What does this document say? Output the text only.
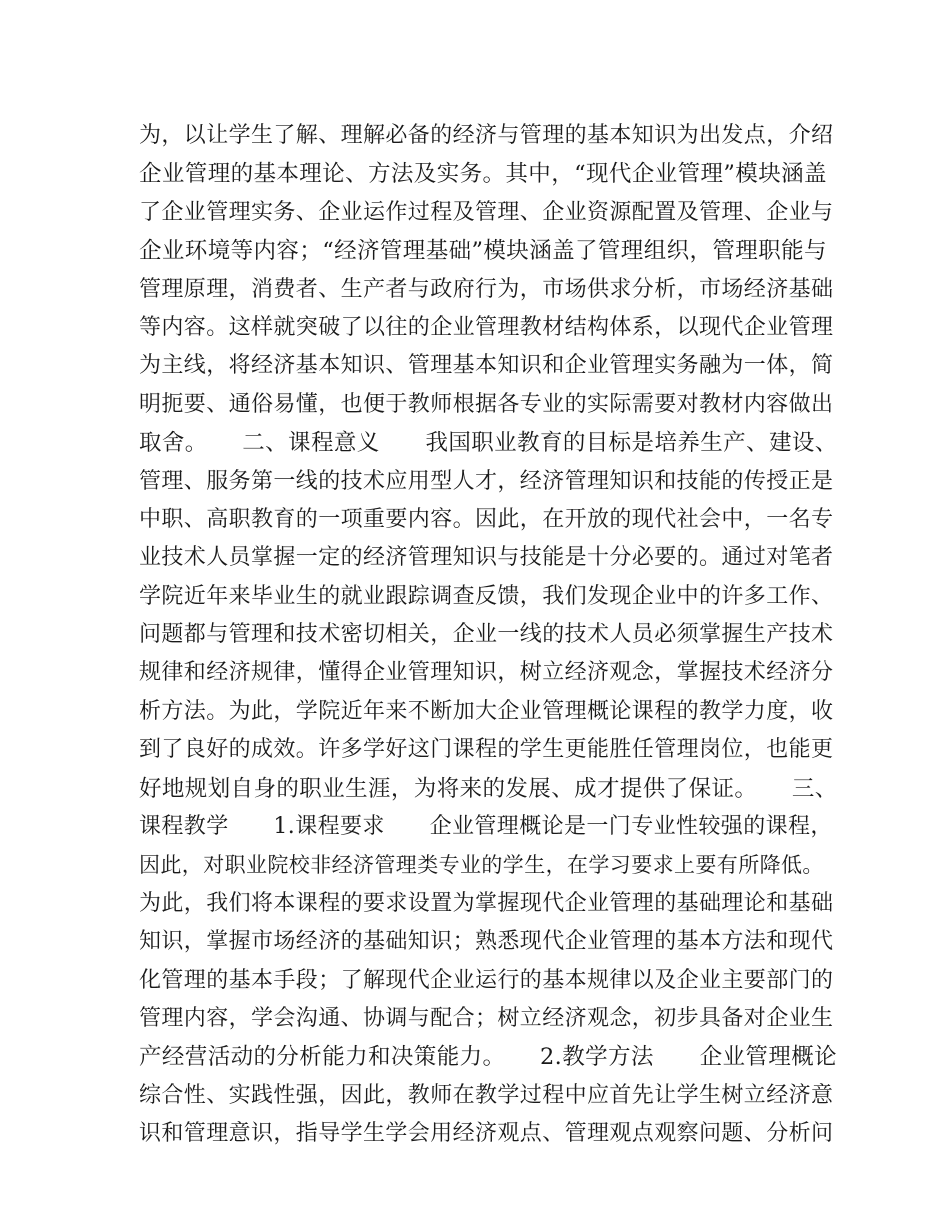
为，以让学生了解、理解必备的经济与管理的基本知识为出发点，介绍
企业管理的基本理论、方法及实务。其中，“现代企业管理”模块涵盖
了企业管理实务、企业运作过程及管理、企业资源配置及管理、企业与
企业环境等内容；“经济管理基础”模块涵盖了管理组织，管理职能与
管理原理，消费者、生产者与政府行为，市场供求分析，市场经济基础
等内容。这样就突破了以往的企业管理教材结构体系，以现代企业管理
为主线，将经济基本知识、管理基本知识和企业管理实务融为一体，简
明扼要、通俗易懂，也便于教师根据各专业的实际需要对教材内容做出
取舍。　　二、课程意义　　我国职业教育的目标是培养生产、建设、
管理、服务第一线的技术应用型人才，经济管理知识和技能的传授正是
中职、高职教育的一项重要内容。因此，在开放的现代社会中，一名专
业技术人员掌握一定的经济管理知识与技能是十分必要的。通过对笔者
学院近年来毕业生的就业跟踪调查反馈，我们发现企业中的许多工作、
问题都与管理和技术密切相关，企业一线的技术人员必须掌握生产技术
规律和经济规律，懂得企业管理知识，树立经济观念，掌握技术经济分
析方法。为此，学院近年来不断加大企业管理概论课程的教学力度，收
到了良好的成效。许多学好这门课程的学生更能胜任管理岗位，也能更
好地规划自身的职业生涯，为将来的发展、成才提供了保证。　　三、
课程教学　　1.课程要求　　企业管理概论是一门专业性较强的课程，
因此，对职业院校非经济管理类专业的学生，在学习要求上要有所降低。
为此，我们将本课程的要求设置为掌握现代企业管理的基础理论和基础
知识，掌握市场经济的基础知识；熟悉现代企业管理的基本方法和现代
化管理的基本手段；了解现代企业运行的基本规律以及企业主要部门的
管理内容，学会沟通、协调与配合；树立经济观念，初步具备对企业生
产经营活动的分析能力和决策能力。　　2.教学方法　　企业管理概论
综合性、实践性强，因此，教师在教学过程中应首先让学生树立经济意
识和管理意识，指导学生学会用经济观点、管理观点观察问题、分析问
